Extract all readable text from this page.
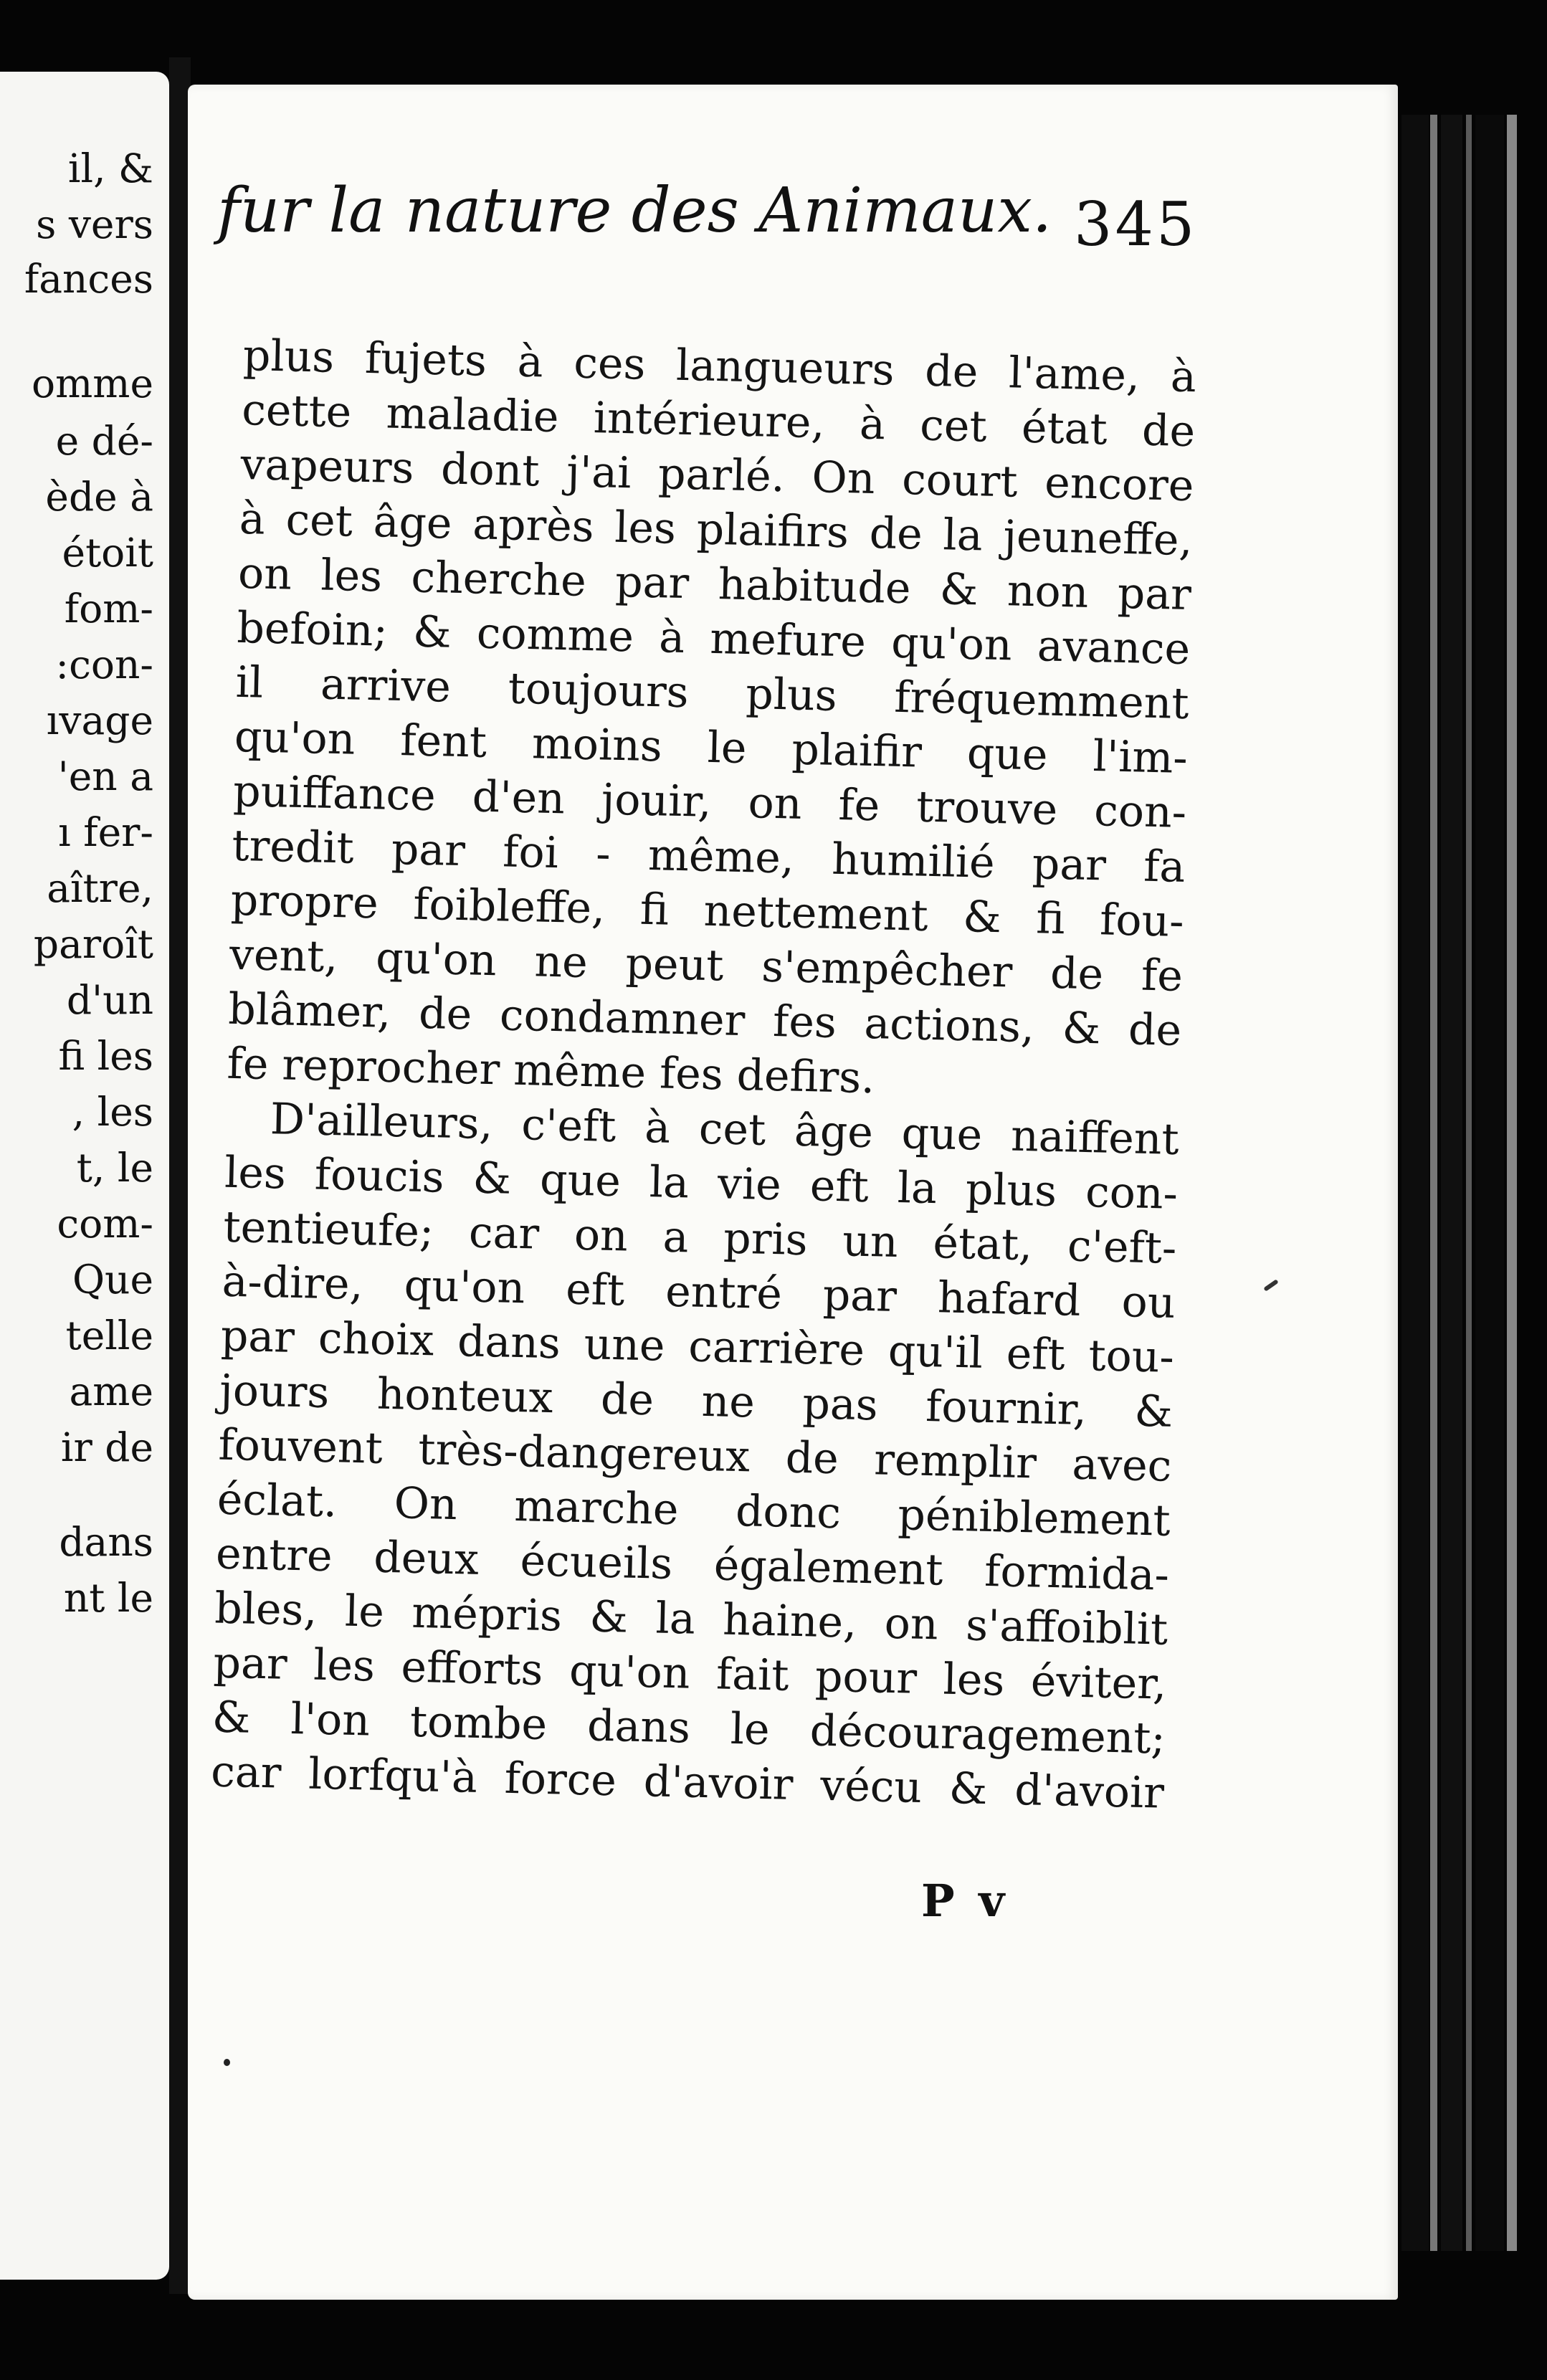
il, &
s vers
fances
omme
e dé-
ède à
étoit
fom-
:con-
ıvage
'en a
ı fer-
aître,
paroît
d'un
fi les
, les
t, le
com-
Que
telle
ame
ir de
dans
nt le
fur la nature des Animaux. 345
plus fujets à ces langueurs de l'ame, à
cette maladie intérieure, à cet état de
vapeurs dont j'ai parlé. On court encore
à cet âge après les plaifirs de la jeuneffe,
on les cherche par habitude & non par
befoin; & comme à mefure qu'on avance
il arrive toujours plus fréquemment
qu'on fent moins le plaifir que l'im-
puiffance d'en jouir, on fe trouve con-
tredit par foi - même, humilié par fa
propre foibleffe, fi nettement & fi fou-
vent, qu'on ne peut s'empêcher de fe
blâmer, de condamner fes actions, & de
fe reprocher même fes defirs.
D'ailleurs, c'eft à cet âge que naiffent
les foucis & que la vie eft la plus con-
tentieufe; car on a pris un état, c'eft-
à-dire, qu'on eft entré par hafard ou
par choix dans une carrière qu'il eft tou-
jours honteux de ne pas fournir, &
fouvent très-dangereux de remplir avec
éclat. On marche donc péniblement
entre deux écueils également formida-
bles, le mépris & la haine, on s'affoiblit
par les efforts qu'on fait pour les éviter,
& l'on tombe dans le découragement;
car lorfqu'à force d'avoir vécu & d'avoir
P v
